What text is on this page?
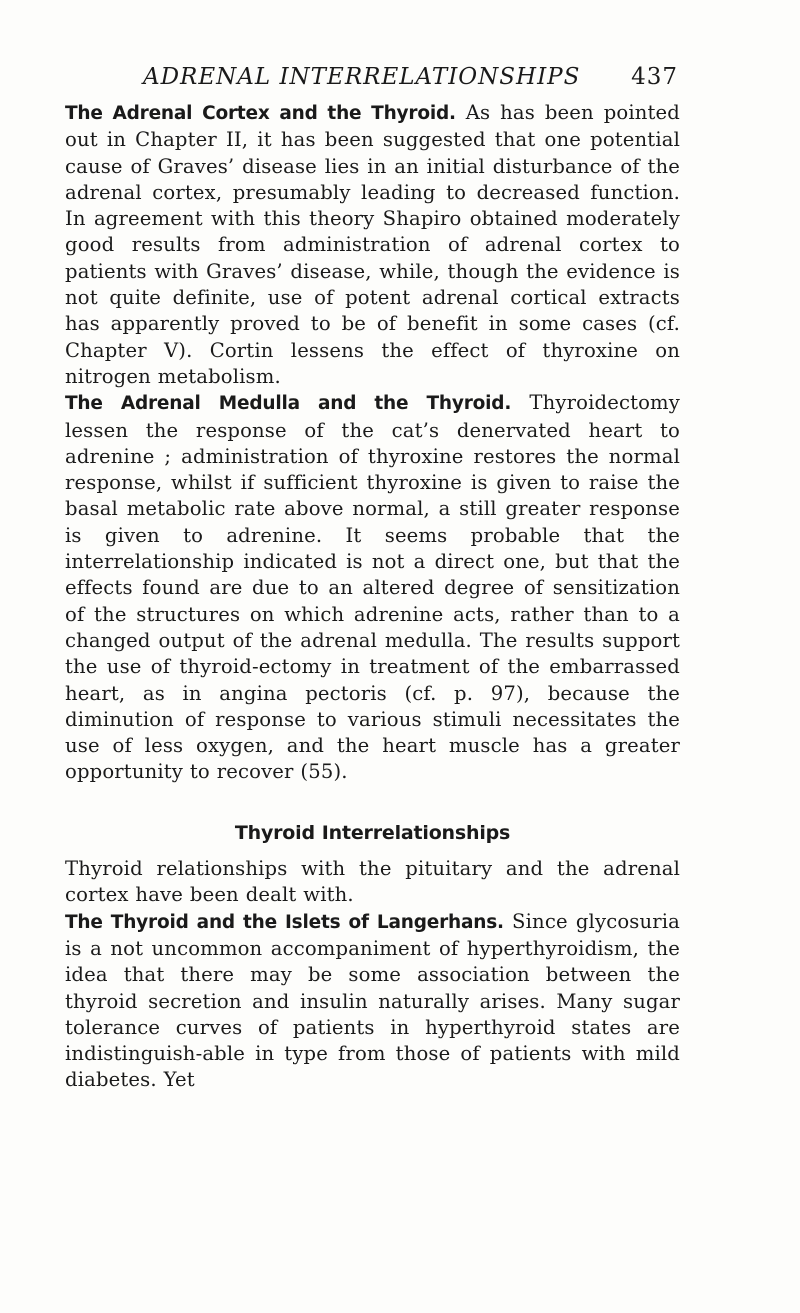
ADRENAL INTERRELATIONSHIPS 437

The Adrenal Cortex and the Thyroid. As has been pointed out in Chapter II, it has been suggested that one potential cause of Graves’ disease lies in an initial disturbance of the adrenal cortex, presumably leading to decreased function. In agreement with this theory Shapiro obtained moderately good results from administration of adrenal cortex to patients with Graves’ disease, while, though the evidence is not quite definite, use of potent adrenal cortical extracts has apparently proved to be of benefit in some cases (cf. Chapter V). Cortin lessens the effect of thyroxine on nitrogen metabolism.

The Adrenal Medulla and the Thyroid. Thyroidectomy lessen the response of the cat’s denervated heart to adrenine ; administration of thyroxine restores the normal response, whilst if sufficient thyroxine is given to raise the basal metabolic rate above normal, a still greater response is given to adrenine. It seems probable that the interrelationship indicated is not a direct one, but that the effects found are due to an altered degree of sensitization of the structures on which adrenine acts, rather than to a changed output of the adrenal medulla. The results support the use of thyroid-ectomy in treatment of the embarrassed heart, as in angina pectoris (cf. p. 97), because the diminution of response to various stimuli necessitates the use of less oxygen, and the heart muscle has a greater opportunity to recover (55).

Thyroid Interrelationships

Thyroid relationships with the pituitary and the adrenal cortex have been dealt with.

The Thyroid and the Islets of Langerhans. Since glycosuria is a not uncommon accompaniment of hyperthyroidism, the idea that there may be some association between the thyroid secretion and insulin naturally arises. Many sugar tolerance curves of patients in hyperthyroid states are indistinguish-able in type from those of patients with mild diabetes. Yet
